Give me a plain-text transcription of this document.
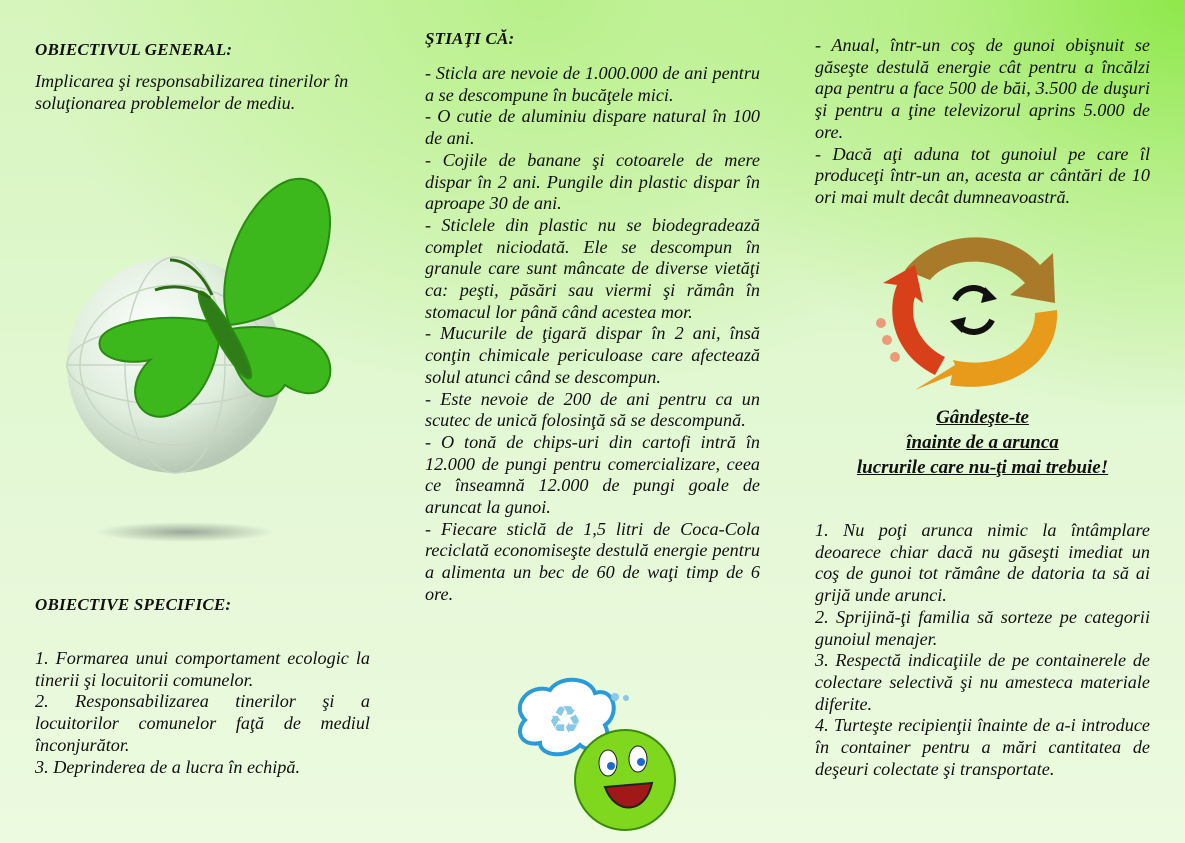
OBIECTIVUL GENERAL:
Implicarea şi responsabilizarea tinerilor în soluţionarea problemelor de mediu.
OBIECTIVE SPECIFICE:

1. Formarea unui comportament ecologic la tinerii şi locuitorii comunelor.

2. Responsabilizarea tinerilor şi a locuitorilor comunelor faţă de mediul înconjurător.

3. Deprinderea de a lucra în echipă.

ŞTIAŢI CĂ:

- Sticla are nevoie de 1.000.000 de ani pentru a se descompune în bucăţele mici.

- O cutie de aluminiu dispare natural în 100 de ani.

- Cojile de banane şi cotoarele de mere dispar în 2 ani. Pungile din plastic dispar în aproape 30 de ani.

- Sticlele din plastic nu se biodegradează complet niciodată. Ele se descompun în granule care sunt mâncate de diverse vietăţi ca: peşti, păsări sau viermi şi rămân în stomacul lor până când acestea mor.

- Mucurile de ţigară dispar în 2 ani, însă conţin chimicale periculoase care afectează solul atunci când se descompun.

- Este nevoie de 200 de ani pentru ca un scutec de unică folosinţă să se descompună.

- O tonă de chips-uri din cartofi intră în 12.000 de pungi pentru comercializare, ceea ce înseamnă 12.000 de pungi goale de aruncat la gunoi.

- Fiecare sticlă de 1,5 litri de Coca-Cola reciclată economiseşte destulă energie pentru a alimenta un bec de 60 de waţi timp de 6 ore.

♻

- Anual, într-un coş de gunoi obişnuit se găseşte destulă energie cât pentru a încălzi apa pentru a face 500 de băi, 3.500 de duşuri şi pentru a ţine televizorul aprins 5.000 de ore.

- Dacă aţi aduna tot gunoiul pe care îl produceţi într-un an, acesta ar cântări de 10 ori mai mult decât dumneavoastră.

Gândeşte-te
înainte de a arunca
lucrurile care nu-ţi mai trebuie!

1. Nu poţi arunca nimic la întâmplare deoarece chiar dacă nu găseşti imediat un coş de gunoi tot rămâne de datoria ta să ai grijă unde arunci.

2. Sprijină-ţi familia să sorteze pe categorii gunoiul menajer.

3. Respectă indicaţiile de pe containerele de colectare selectivă şi nu amesteca materiale diferite.

4. Turteşte recipienţii înainte de a-i introduce în container pentru a mări cantitatea de deşeuri colectate şi transportate.
